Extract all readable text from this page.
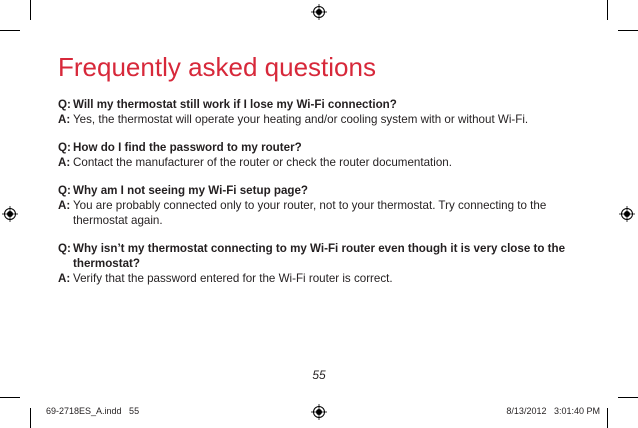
Frequently asked questions
Q: Will my thermostat still work if I lose my Wi-Fi connection?
A: Yes, the thermostat will operate your heating and/or cooling system with or without Wi-Fi.
Q: How do I find the password to my router?
A: Contact the manufacturer of the router or check the router documentation.
Q: Why am I not seeing my Wi-Fi setup page?
A: You are probably connected only to your router, not to your thermostat. Try connecting to the thermostat again.
Q: Why isn’t my thermostat connecting to my Wi-Fi router even though it is very close to the thermostat?
A: Verify that the password entered for the Wi-Fi router is correct.
55
69-2718ES_A.indd   55	8/13/2012   3:01:40 PM
